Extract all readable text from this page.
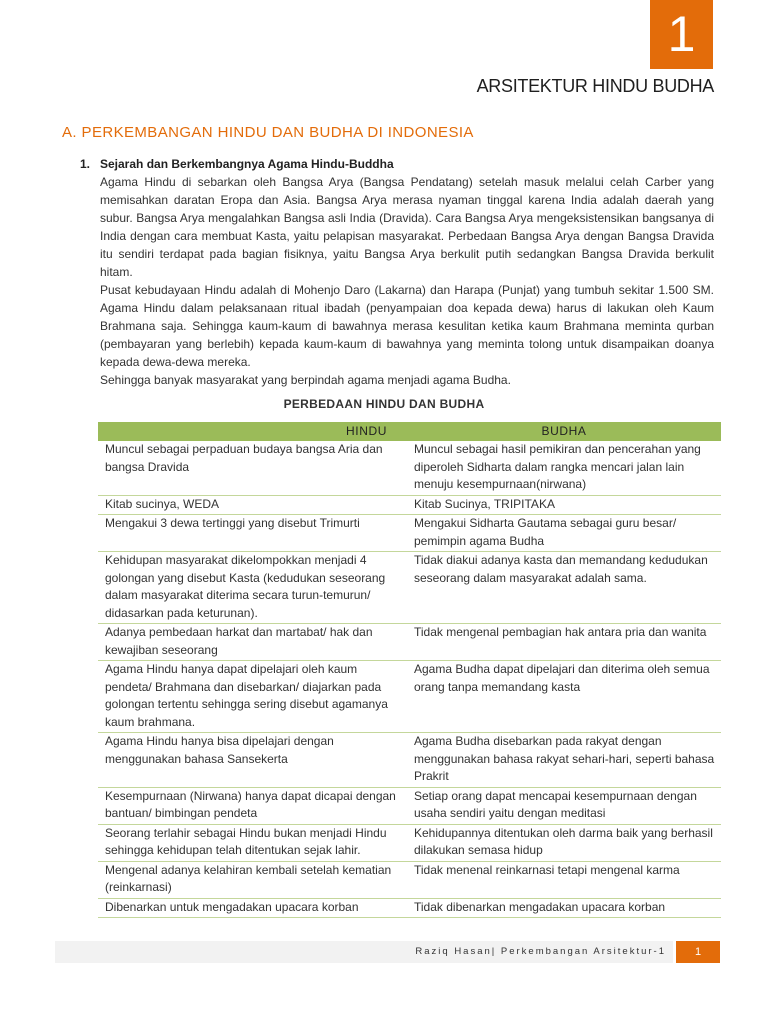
1
ARSITEKTUR HINDU BUDHA
A. PERKEMBANGAN HINDU DAN BUDHA DI INDONESIA
1. Sejarah dan Berkembangnya Agama Hindu-Buddha

Agama Hindu di sebarkan oleh Bangsa Arya (Bangsa Pendatang) setelah masuk melalui celah Carber yang memisahkan daratan Eropa dan Asia. Bangsa Arya merasa nyaman tinggal karena India adalah daerah yang subur. Bangsa Arya mengalahkan Bangsa asli India (Dravida). Cara Bangsa Arya mengeksistensikan bangsanya di India dengan cara membuat Kasta, yaitu pelapisan masyarakat. Perbedaan Bangsa Arya dengan Bangsa Dravida itu sendiri terdapat pada bagian fisiknya, yaitu Bangsa Arya berkulit putih sedangkan Bangsa Dravida berkulit hitam.

Pusat kebudayaan Hindu adalah di Mohenjo Daro (Lakarna) dan Harapa (Punjat) yang tumbuh sekitar 1.500 SM. Agama Hindu dalam pelaksanaan ritual ibadah (penyampaian doa kepada dewa) harus di lakukan oleh Kaum Brahmana saja. Sehingga kaum-kaum di bawahnya merasa kesulitan ketika kaum Brahmana meminta qurban (pembayaran yang berlebih) kepada kaum-kaum di bawahnya yang meminta tolong untuk disampaikan doanya kepada dewa-dewa mereka.

Sehingga banyak masyarakat yang berpindah agama menjadi agama Budha.

PERBEDAAN HINDU DAN BUDHA
HINDU	BUDHA
Muncul sebagai perpaduan budaya bangsa Aria dan bangsa Dravida	Muncul sebagai hasil pemikiran dan pencerahan yang diperoleh Sidharta dalam rangka mencari jalan lain menuju kesempurnaan(nirwana)
Kitab sucinya, WEDA	Kitab Sucinya, TRIPITAKA
Mengakui 3 dewa tertinggi yang disebut Trimurti	Mengakui Sidharta Gautama sebagai guru besar/ pemimpin agama Budha
Kehidupan masyarakat dikelompokkan menjadi 4 golongan yang disebut Kasta (kedudukan seseorang dalam masyarakat diterima secara turun-temurun/ didasarkan pada keturunan).	Tidak diakui adanya kasta dan memandang kedudukan seseorang dalam masyarakat adalah sama.
Adanya pembedaan harkat dan martabat/ hak dan kewajiban seseorang	Tidak mengenal pembagian hak antara pria dan wanita
Agama Hindu hanya dapat dipelajari oleh kaum pendeta/ Brahmana dan disebarkan/ diajarkan pada golongan tertentu sehingga sering disebut agamanya kaum brahmana.	Agama Budha dapat dipelajari dan diterima oleh semua orang tanpa memandang kasta
Agama Hindu hanya bisa dipelajari dengan menggunakan bahasa Sansekerta	Agama Budha disebarkan pada rakyat dengan menggunakan bahasa rakyat sehari-hari, seperti bahasa Prakrit
Kesempurnaan (Nirwana) hanya dapat dicapai dengan bantuan/ bimbingan pendeta	Setiap orang dapat mencapai kesempurnaan dengan usaha sendiri yaitu dengan meditasi
Seorang terlahir sebagai Hindu bukan menjadi Hindu sehingga kehidupan telah ditentukan sejak lahir.	Kehidupannya ditentukan oleh darma baik yang berhasil dilakukan semasa hidup
Mengenal adanya kelahiran kembali setelah kematian (reinkarnasi)	Tidak menenal reinkarnasi tetapi mengenal karma
Dibenarkan untuk mengadakan upacara korban	Tidak dibenarkan mengadakan upacara korban
Raziq Hasan| Perkembangan Arsitektur-1	1
